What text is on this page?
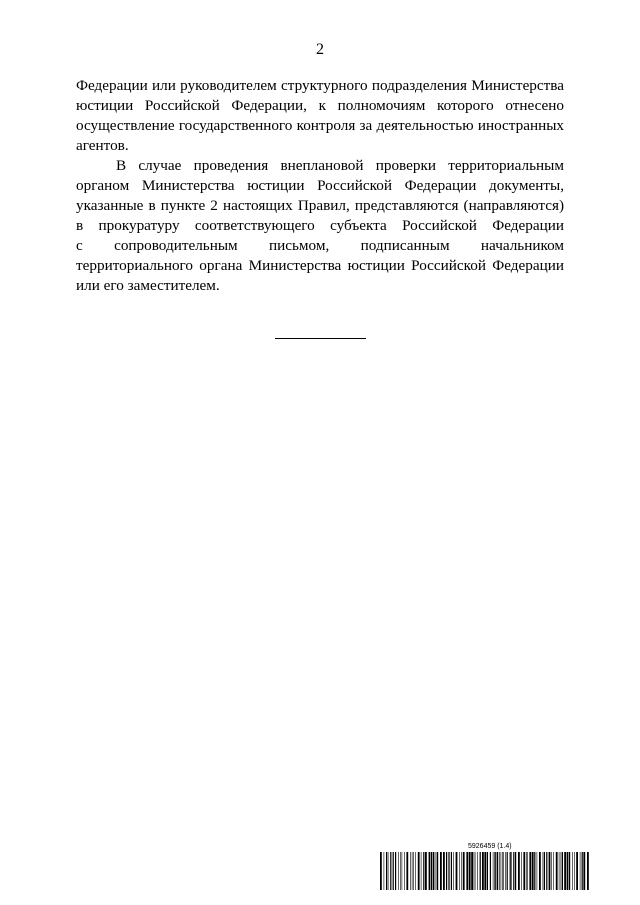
2

Федерации или руководителем структурного подразделения Министерства
юстиции Российской Федерации, к полномочиям которого отнесено
осуществление государственного контроля за деятельностью иностранных
агентов.

В случае проведения внеплановой проверки территориальным
органом Министерства юстиции Российской Федерации документы,
указанные в пункте 2 настоящих Правил, представляются (направляются)
в прокуратуру соответствующего субъекта Российской Федерации
с сопроводительным письмом, подписанным начальником
территориального органа Министерства юстиции Российской Федерации
или его заместителем.

5926459 (1.4)
